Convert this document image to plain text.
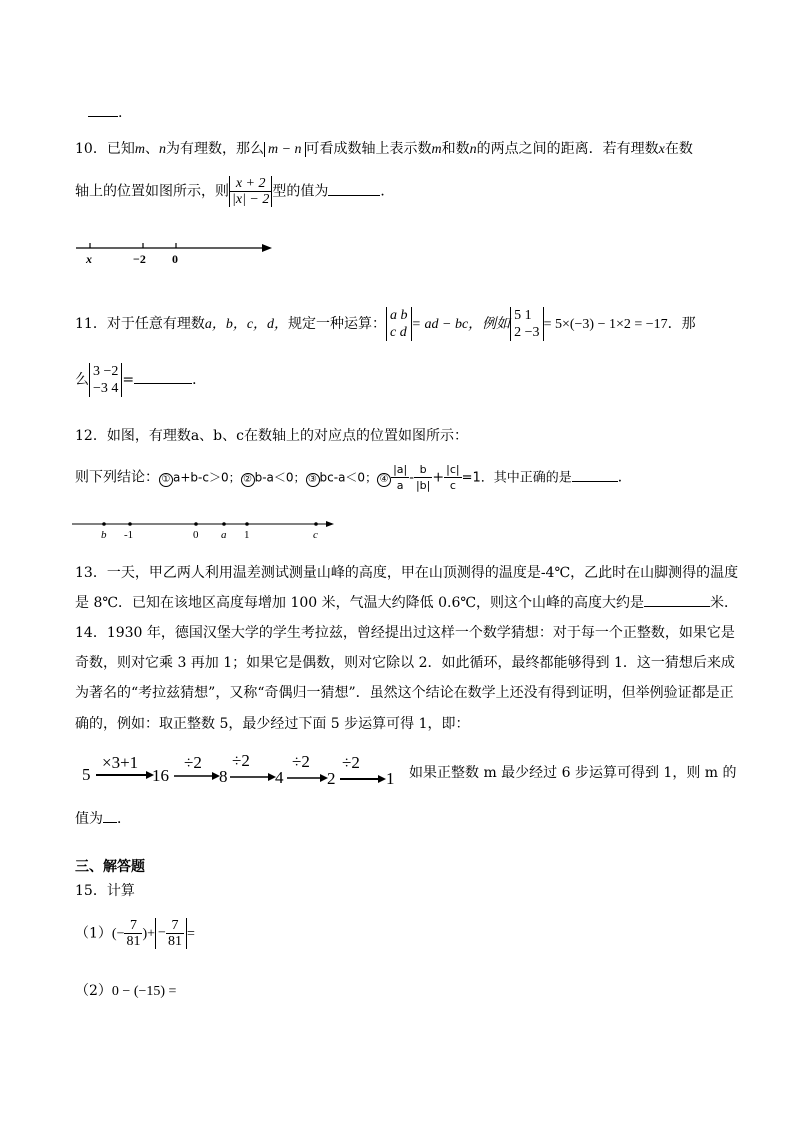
.
10．已知m、n为有理数，那么 m − n 可看成数轴上表示数m和数n的两点之间的距离．若有理数x在数
轴上的位置如图所示，则 $\frac{x + 2}{|x| - 2}$ 型的值为	．
x	−2 0
11．对于任意有理数a，b，c，d，规定一种运算：
a b
c d
= ad − bc，例如
5 1
2 −3
= 5×(−3) − 1×2 = −17．那
么
3 −2
−3 4
=	．
12．如图，有理数a、b、c在数轴上的对应点的位置如图所示：
则下列结论： ① a+b-c＞0； ② b-a＜0； ③ bc-a＜0； ④ $\frac{|a|}{a} - \frac{b}{|b|} + \frac{|c|}{c} =1$．其中正确的是	．
b -1	0 a 1	c
13．一天，甲乙两人利用温差测试测量山峰的高度，甲在山顶测得的温度是-4℃，乙此时在山脚测得的温度
是 8℃．已知在该地区高度每增加 100 米，气温大约降低 0.6℃，则这个山峰的高度大约是	米．
14．1930 年，德国汉堡大学的学生考拉兹，曾经提出过这样一个数学猜想：对于每一个正整数，如果它是
奇数，则对它乘 3 再加 1；如果它是偶数，则对它除以 2．如此循环，最终都能够得到 1．这一猜想后来成
为著名的“考拉兹猜想”，又称“奇偶归一猜想”．虽然这个结论在数学上还没有得到证明，但举例验证都是正
确的，例如：取正整数 5，最少经过下面 5 步运算可得 1，即：
5
×3+1
16
÷2
8
÷2
4
÷2
2
÷2
1 如果正整数 m 最少经过 6 步运算可得到 1，则 m 的
值为 ．
三、解答题
15．计算
$(1)(- \frac{7}{81}$ )+ − $\frac{7}{81}$ =
（2）0 − (−15) =
